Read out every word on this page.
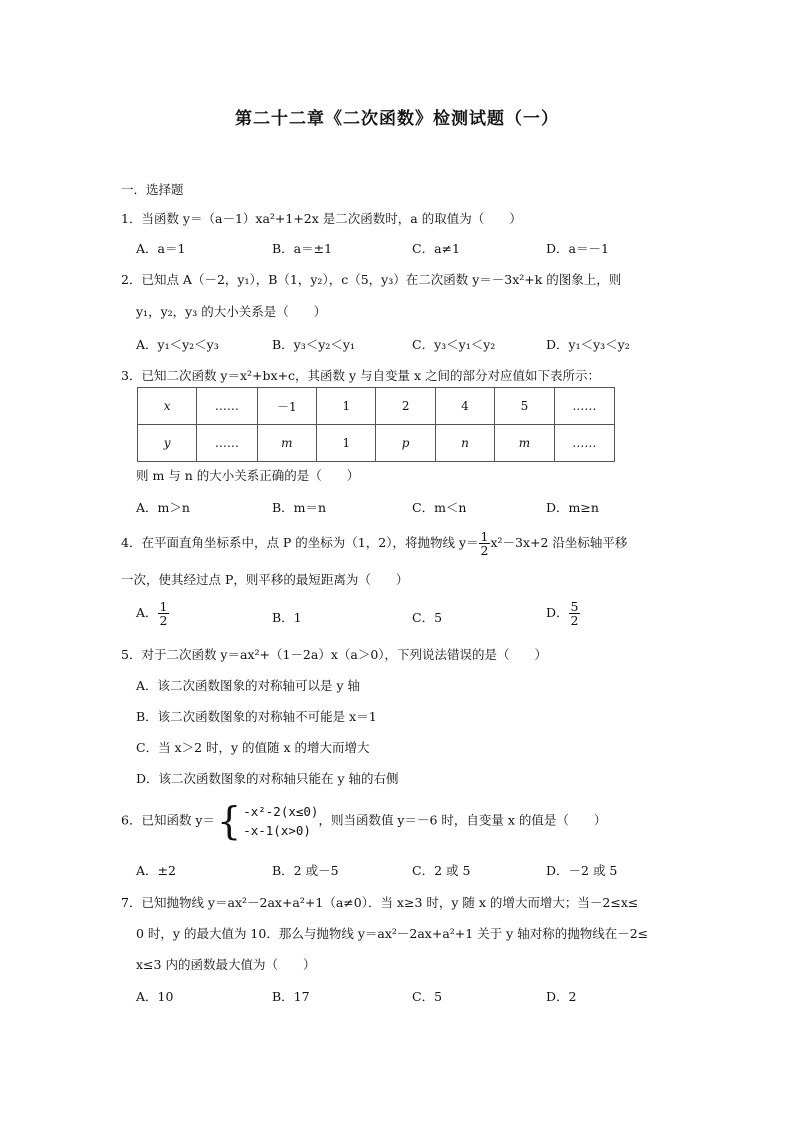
第二十二章《二次函数》检测试题（一）
一．选择题
1．当函数 y＝（a－1）xa²+1+2x 是二次函数时，a 的取值为（　　）
A．a＝1	B．a＝±1	C．a≠1	D．a＝－1
2．已知点 A（－2，y₁），B（1，y₂），c（5，y₃）在二次函数 y＝－3x²+k 的图象上，则
y₁，y₂，y₃ 的大小关系是（　　）
A．y₁＜y₂＜y₃	B．y₃＜y₂＜y₁	C．y₃＜y₁＜y₂	D．y₁＜y₃＜y₂
3．已知二次函数 y＝x²+bx+c，其函数 y 与自变量 x 之间的部分对应值如下表所示：
x	……	－1	1	2	4	5	……
y	……	m	1	p	n	m	……
则 m 与 n 的大小关系正确的是（　　）
A．m＞n	B．m＝n	C．m＜n	D．m≥n
4．在平面直角坐标系中，点 P 的坐标为（1，2），将抛物线 $y= \frac{1}{2} x^2-3x+2$ 沿坐标轴平移
一次，使其经过点 P，则平移的最短距离为（　　）
A． $\frac{1}{2}$	B．1	C．5	D． $\frac{5}{2}$
5．对于二次函数 y＝ax²+（1－2a）x（a＞0），下列说法错误的是（　　）
A．该二次函数图象的对称轴可以是 y 轴
B．该二次函数图象的对称轴不可能是 x＝1
C．当 x＞2 时，y 的值随 x 的增大而增大
D．该二次函数图象的对称轴只能在 y 轴的右侧
6．已知函数 y＝{ -x²-2(x≤0)
-x-1(x>0)
，则当函数值 y＝－6 时，自变量 x 的值是（　　）
A．±2	B．2 或－5	C．2 或 5	D．－2 或 5
7．已知抛物线 y＝ax²－2ax+a²+1（a≠0）．当 x≥3 时，y 随 x 的增大而增大；当－2≤x≤
0 时，y 的最大值为 10．那么与抛物线 y＝ax²－2ax+a²+1 关于 y 轴对称的抛物线在－2≤
x≤3 内的函数最大值为（　　）
A．10	B．17	C．5	D．2
